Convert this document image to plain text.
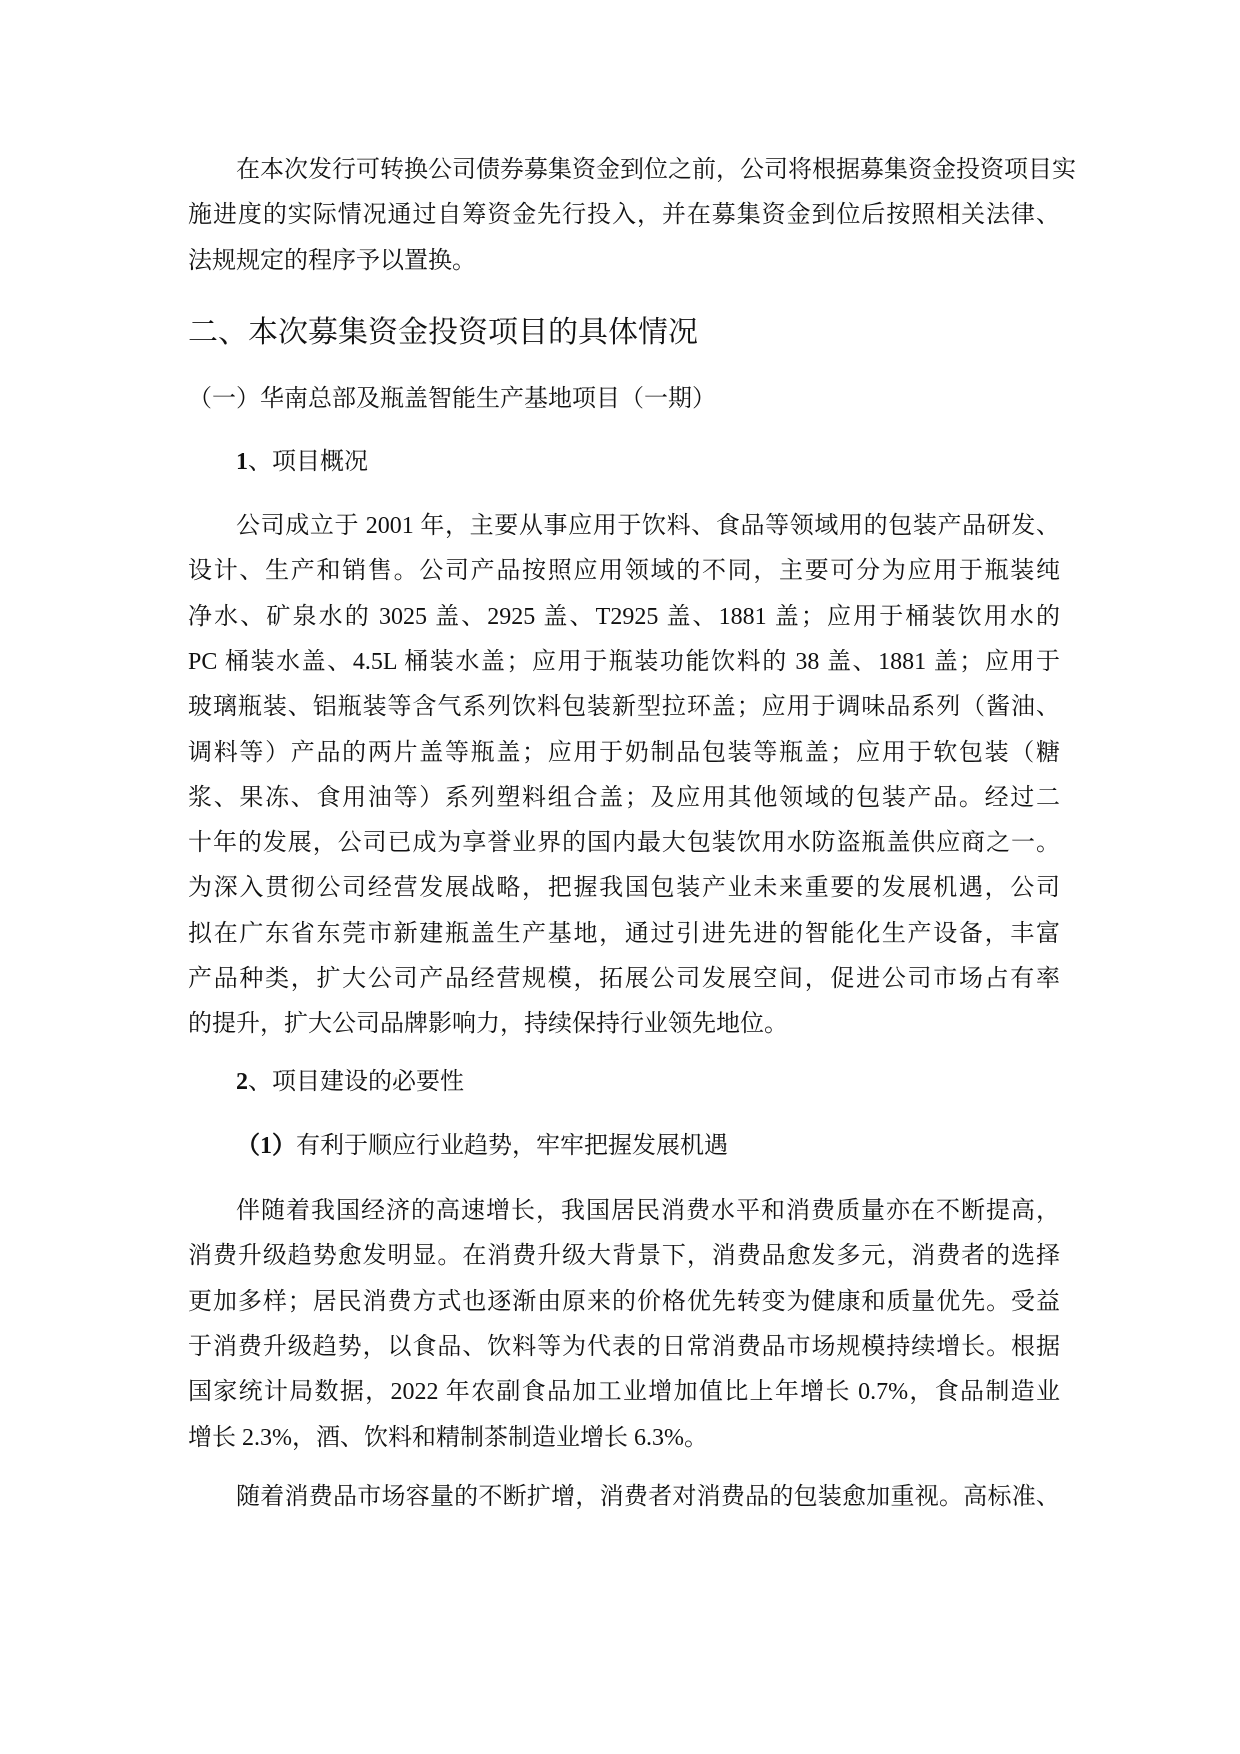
在本次发行可转换公司债券募集资金到位之前，公司将根据募集资金投资项目实
施进度的实际情况通过自筹资金先行投入，并在募集资金到位后按照相关法律、
法规规定的程序予以置换。
二、本次募集资金投资项目的具体情况
（一）华南总部及瓶盖智能生产基地项目（一期）
1、项目概况
公司成立于 2001 年，主要从事应用于饮料、食品等领域用的包装产品研发、
设计、生产和销售。公司产品按照应用领域的不同，主要可分为应用于瓶装纯
净水、矿泉水的 3025 盖、2925 盖、T2925 盖、1881 盖；应用于桶装饮用水的
PC 桶装水盖、4.5L 桶装水盖；应用于瓶装功能饮料的 38 盖、1881 盖；应用于
玻璃瓶装、铝瓶装等含气系列饮料包装新型拉环盖；应用于调味品系列（酱油、
调料等）产品的两片盖等瓶盖；应用于奶制品包装等瓶盖；应用于软包装（糖
浆、果冻、食用油等）系列塑料组合盖；及应用其他领域的包装产品。经过二
十年的发展，公司已成为享誉业界的国内最大包装饮用水防盗瓶盖供应商之一。
为深入贯彻公司经营发展战略，把握我国包装产业未来重要的发展机遇，公司
拟在广东省东莞市新建瓶盖生产基地，通过引进先进的智能化生产设备，丰富
产品种类，扩大公司产品经营规模，拓展公司发展空间，促进公司市场占有率
的提升，扩大公司品牌影响力，持续保持行业领先地位。
2、项目建设的必要性
（1）有利于顺应行业趋势，牢牢把握发展机遇
伴随着我国经济的高速增长，我国居民消费水平和消费质量亦在不断提高，
消费升级趋势愈发明显。在消费升级大背景下，消费品愈发多元，消费者的选择
更加多样；居民消费方式也逐渐由原来的价格优先转变为健康和质量优先。受益
于消费升级趋势，以食品、饮料等为代表的日常消费品市场规模持续增长。根据
国家统计局数据，2022 年农副食品加工业增加值比上年增长 0.7%，食品制造业
增长 2.3%，酒、饮料和精制茶制造业增长 6.3%。
随着消费品市场容量的不断扩增，消费者对消费品的包装愈加重视。高标准、
